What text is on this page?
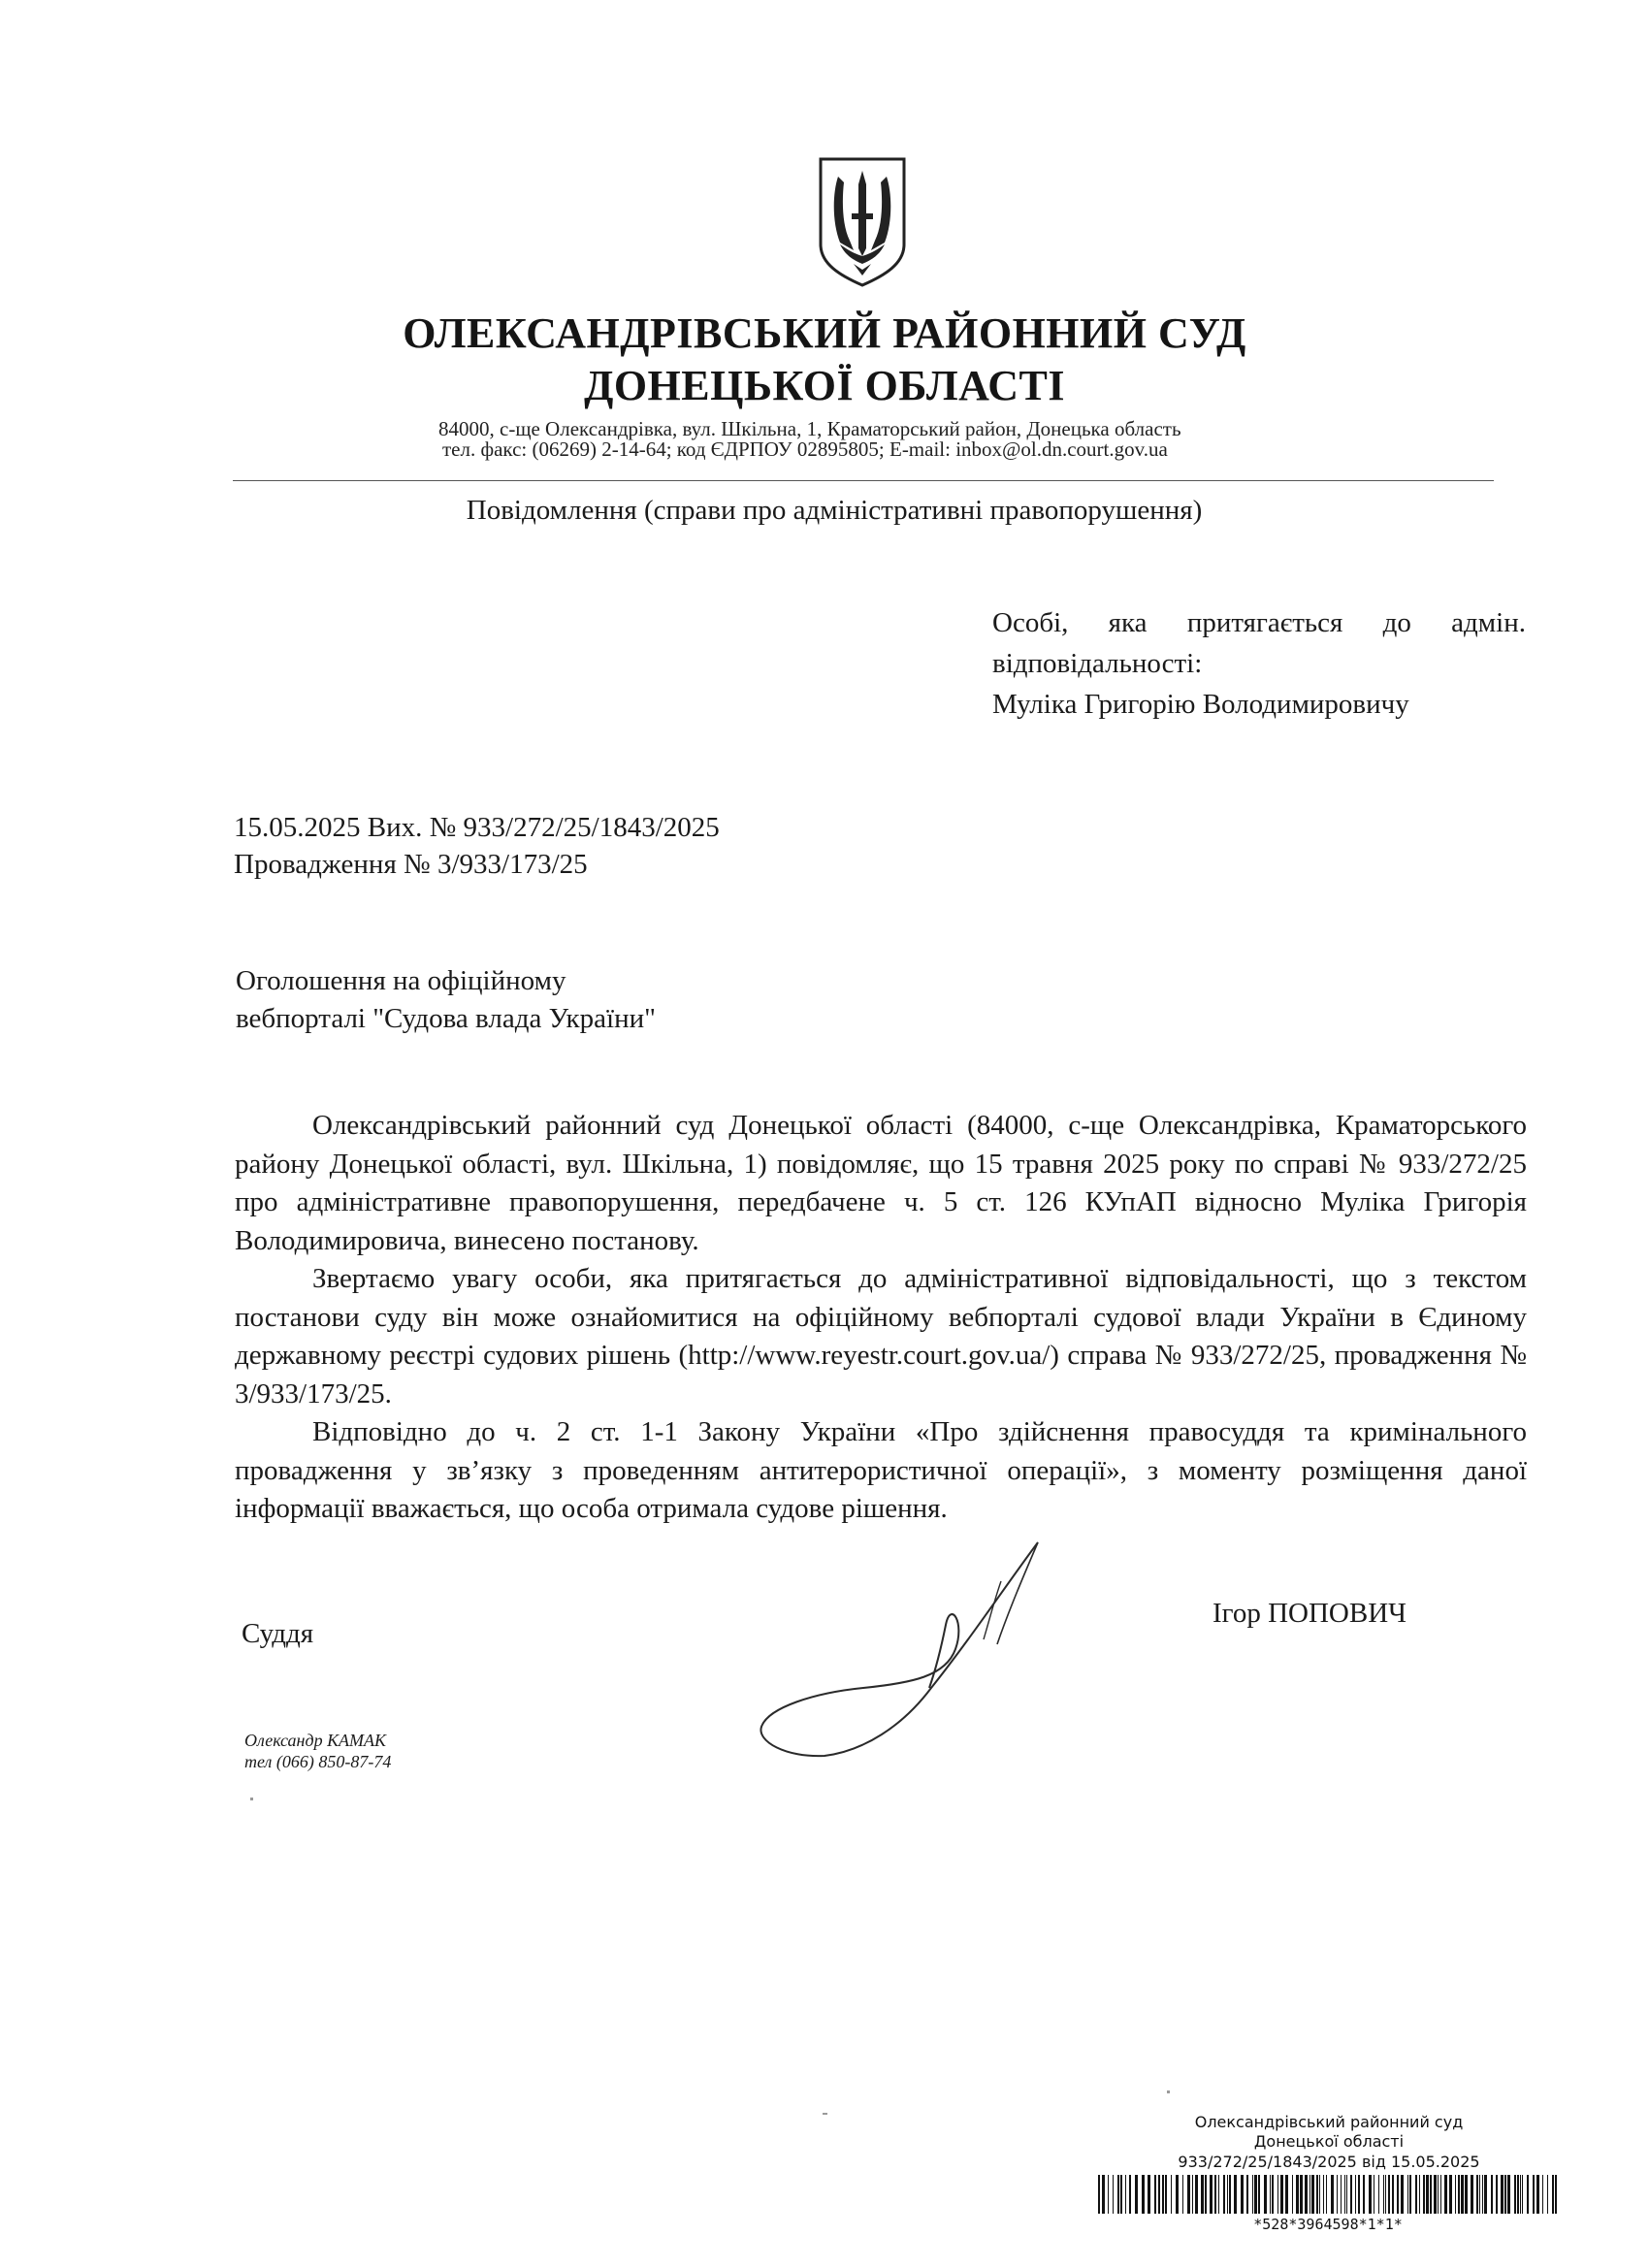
ОЛЕКСАНДРІВСЬКИЙ РАЙОННИЙ СУД
ДОНЕЦЬКОЇ ОБЛАСТІ
84000, с-ще Олександрівка, вул. Шкільна, 1, Краматорський район, Донецька область
тел. факс: (06269) 2-14-64; код ЄДРПОУ 02895805; E-mail: inbox@ol.dn.court.gov.ua
Повідомлення (справи про адміністративні правопорушення)
Особі, яка притягається до адмін.
відповідальності:
Муліка Григорію Володимировичу
15.05.2025 Вих. № 933/272/25/1843/2025
Провадження № 3/933/173/25
Оголошення на офіційному
вебпорталі "Судова влада України"

Олександрівський районний суд Донецької області (84000, с-ще Олександрівка, Краматорського району Донецької області, вул. Шкільна, 1) повідомляє, що 15 травня 2025 року по справі № 933/272/25 про адміністративне правопорушення, передбачене ч. 5 ст. 126 КУпАП відносно Муліка Григорія Володимировича, винесено постанову.

Звертаємо увагу особи, яка притягається до адміністративної відповідальності, що з текстом постанови суду він може ознайомитися на офіційному вебпорталі судової влади України в Єдиному державному реєстрі судових рішень (http://www.reyestr.court.gov.ua/) справа № 933/272/25, провадження № 3/933/173/25.

Відповідно до ч. 2 ст. 1-1 Закону України «Про здійснення правосуддя та кримінального провадження у зв’язку з проведенням антитерористичної операції», з моменту розміщення даної інформації вважається, що особа отримала судове рішення.

Суддя
Ігор ПОПОВИЧ
Олександр КАМАК
тел (066) 850-87-74
Олександрівський районний суд
Донецької області
933/272/25/1843/2025 від 15.05.2025
*528*3964598*1*1*
